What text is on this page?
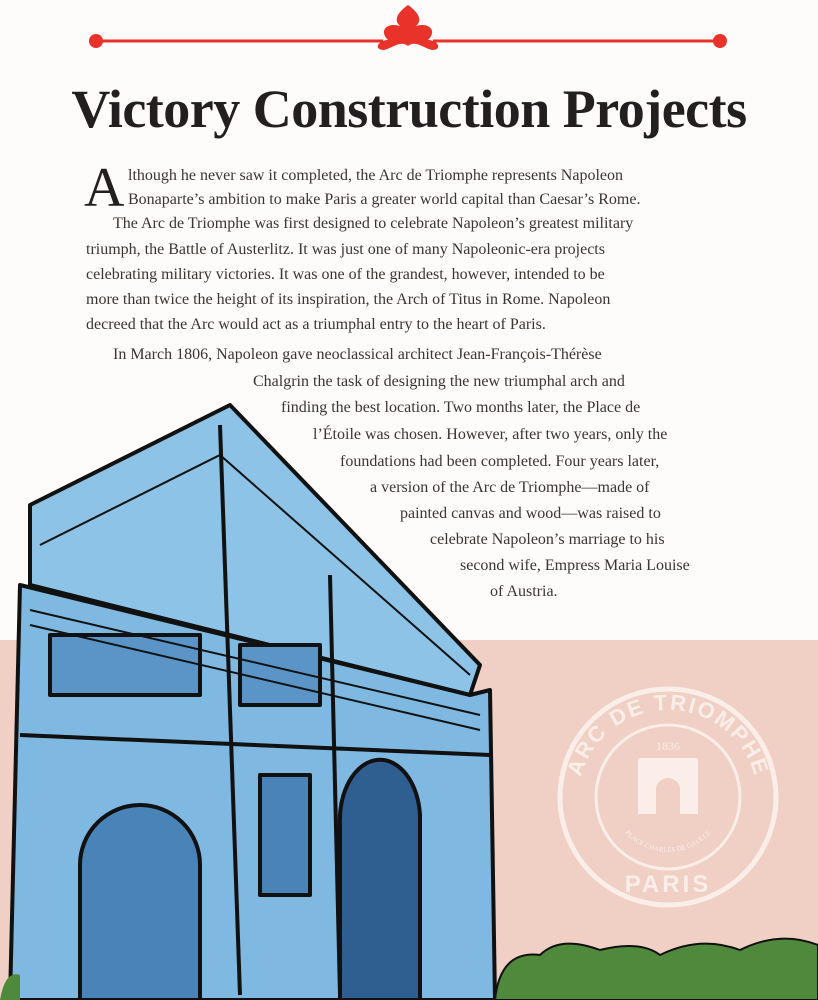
Victory Construction Projects
A lthough he never saw it completed, the Arc de Triomphe represents Napoleon
Bonaparte’s ambition to make Paris a greater world capital than Caesar’s Rome.
The Arc de Triomphe was first designed to celebrate Napoleon’s greatest military
triumph, the Battle of Austerlitz. It was just one of many Napoleonic-era projects
celebrating military victories. It was one of the grandest, however, intended to be
more than twice the height of its inspiration, the Arch of Titus in Rome. Napoleon
decreed that the Arc would act as a triumphal entry to the heart of Paris.
In March 1806, Napoleon gave neoclassical architect Jean-François-Thérèse
Chalgrin the task of designing the new triumphal arch and
finding the best location. Two months later, the Place de
l’Étoile was chosen. However, after two years, only the
foundations had been completed. Four years later,
a version of the Arc de Triomphe—made of
painted canvas and wood—was raised to
celebrate Napoleon’s marriage to his
second wife, Empress Maria Louise
of Austria.
ARC DE TRIOMPHE
1836
PLACE CHARLES DE GAULLE
PARIS
